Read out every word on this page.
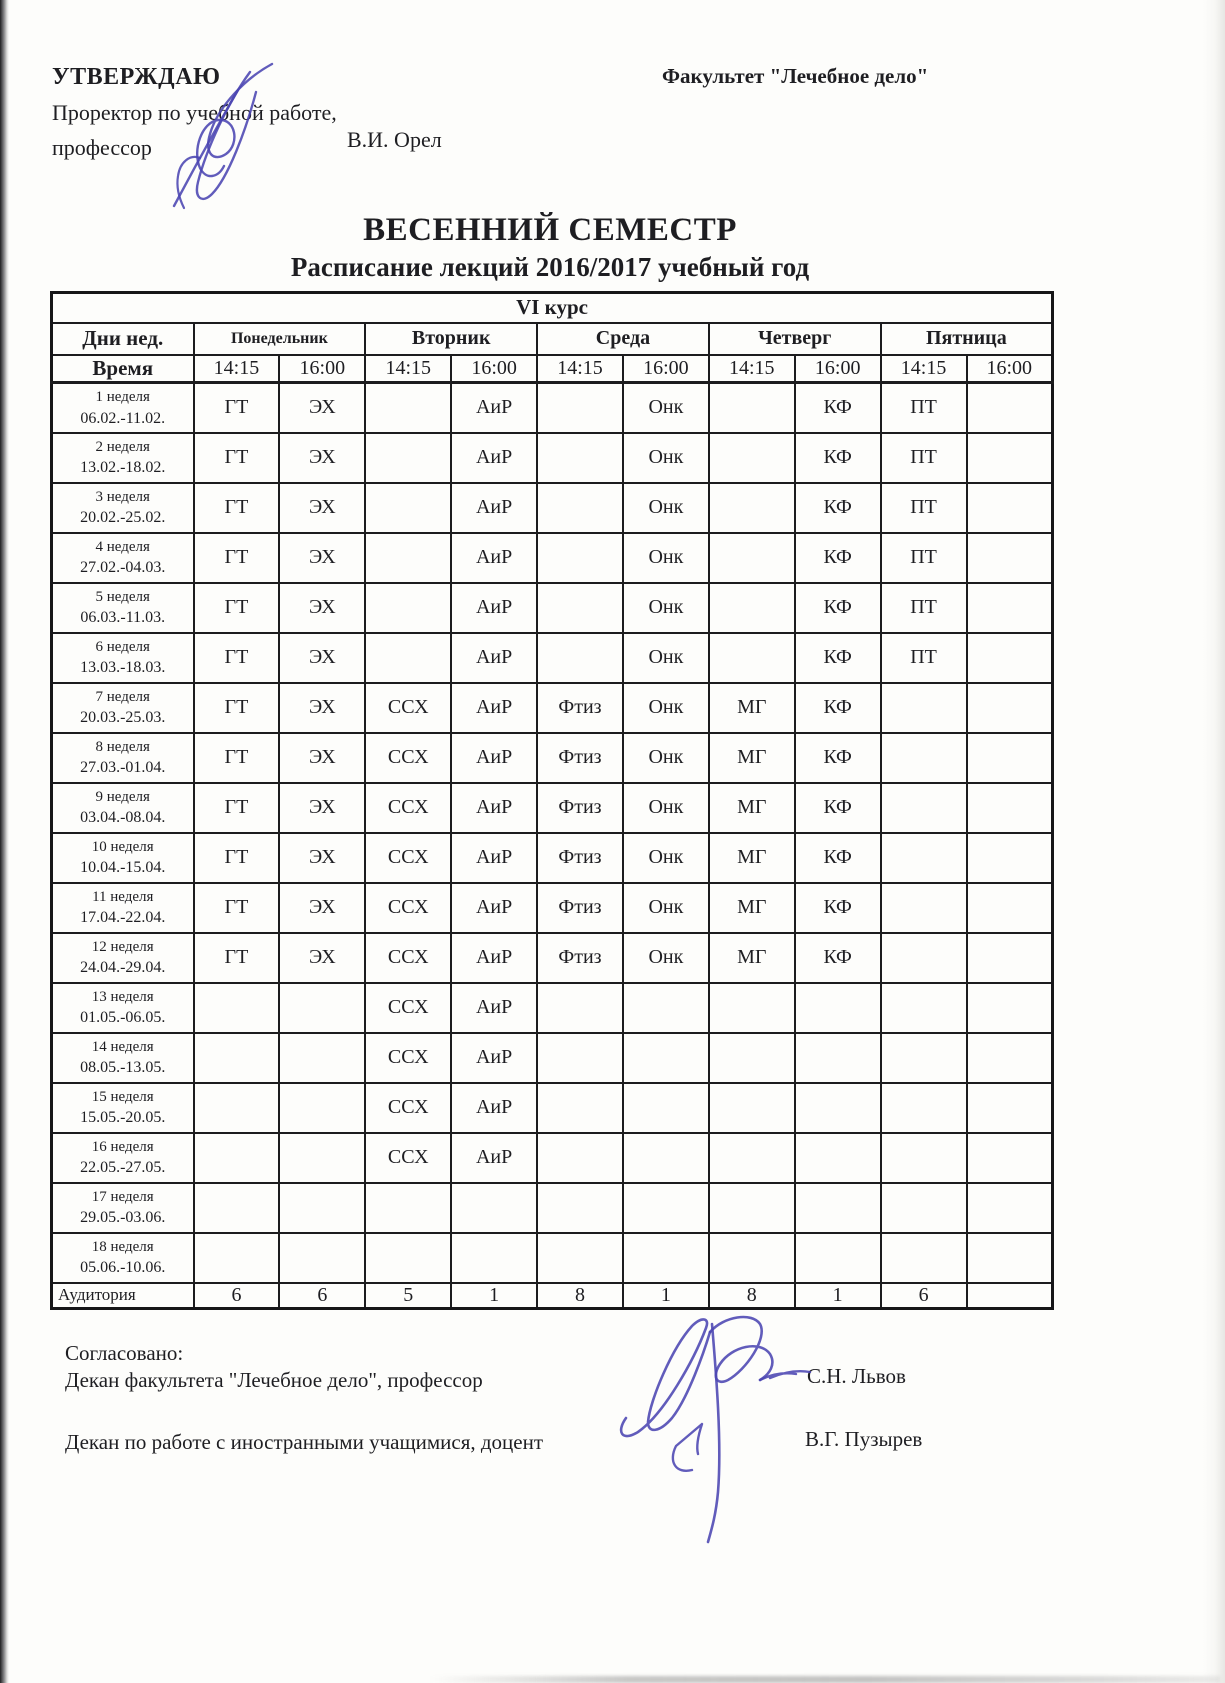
УТВЕРЖДАЮ
Проректор по учебной работе,
профессор	В.И. Орел
Факультет "Лечебное дело"
ВЕСЕННИЙ СЕМЕСТР
Расписание лекций 2016/2017 учебный год
VI курс										
Дни нед.	Понедельник		Вторник		Среда		Четверг		Пятница	
Время	14:15	16:00	14:15	16:00	14:15	16:00	14:15	16:00	14:15	16:00

1 неделя
06.02.-11.02.	ГТ	ЭХ		АиР		Онк		КФ	ПТ	

2 неделя
13.02.-18.02.	ГТ	ЭХ		АиР		Онк		КФ	ПТ	

3 неделя
20.02.-25.02.	ГТ	ЭХ		АиР		Онк		КФ	ПТ	

4 неделя
27.02.-04.03.	ГТ	ЭХ		АиР		Онк		КФ	ПТ	

5 неделя
06.03.-11.03.	ГТ	ЭХ		АиР		Онк		КФ	ПТ	

6 неделя
13.03.-18.03.	ГТ	ЭХ		АиР		Онк		КФ	ПТ	

7 неделя
20.03.-25.03.	ГТ	ЭХ	ССХ	АиР	Фтиз	Онк	МГ	КФ		

8 неделя
27.03.-01.04.	ГТ	ЭХ	ССХ	АиР	Фтиз	Онк	МГ	КФ		

9 неделя
03.04.-08.04.	ГТ	ЭХ	ССХ	АиР	Фтиз	Онк	МГ	КФ		

10 неделя
10.04.-15.04.	ГТ	ЭХ	ССХ	АиР	Фтиз	Онк	МГ	КФ		

11 неделя
17.04.-22.04.	ГТ	ЭХ	ССХ	АиР	Фтиз	Онк	МГ	КФ		

12 неделя
24.04.-29.04.	ГТ	ЭХ	ССХ	АиР	Фтиз	Онк	МГ	КФ		

13 неделя
01.05.-06.05.			ССХ	АиР						

14 неделя
08.05.-13.05.			ССХ	АиР						

15 неделя
15.05.-20.05.			ССХ	АиР						

16 неделя
22.05.-27.05.			ССХ	АиР						

17 неделя
29.05.-03.06.										

18 неделя
05.06.-10.06.										

Аудитория	6	6	5	1	8	1	8	1	6	
Согласовано:
Декан факультета "Лечебное дело", профессор	С.Н. Львов
Декан по работе с иностранными учащимися, доцент	В.Г. Пузырев
